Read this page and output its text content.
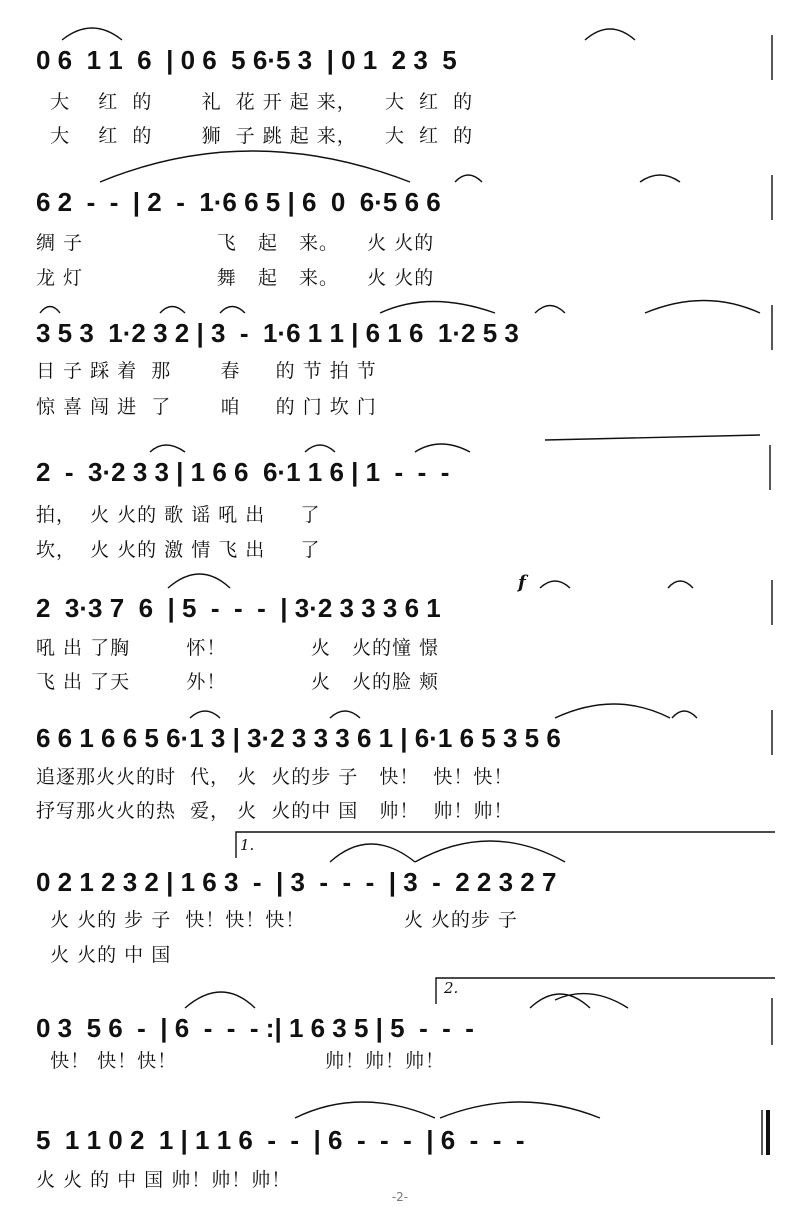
0 6  1 1  6  | 0 6  5 6·5 3  | 0 1  2 3  5
大    红  的       礼  花 开 起 来，    大  红  的
大    红  的       狮  子 跳 起 来，    大  红  的
6 2  -  -  | 2  -  1·6 6 5 | 6  0  6·5 6 6
绸 子                   飞   起   来。    火 火的
龙 灯                   舞   起   来。    火 火的
3 5 3  1·2 3 2 | 3  -  1·6 1 1 | 6 1 6  1·2 5 3
日 子 踩 着  那       春     的 节 拍 节
惊 喜 闯 进  了       咱     的 门 坎 门
2  -  3·2 3 3 | 1 6 6  6·1 1 6 | 1  -  -  -
拍，  火 火的 歌 谣 吼 出     了
坎，  火 火的 激 情 飞 出     了
f
2  3·3 7  6  | 5  -  -  -  | 3·2 3 3 3 6 1
吼 出 了胸        怀！            火   火的憧 憬
飞 出 了天        外！            火   火的脸 颊
6 6 1 6 6 5 6·1 3 | 3·2 3 3 3 6 1 | 6·1 6 5 3 5 6
追逐那火火的时  代， 火  火的步 子   快！  快！快！
抒写那火火的热  爱， 火  火的中 国   帅！  帅！帅！
1.
0 2 1 2 3 2 | 1 6 3  -  | 3  -  -  -  | 3  -  2 2 3 2 7
火 火的 步 子  快！快！快！              火 火的步 子
火 火的 中 国
2.
0 3  5 6  -  | 6  -  -  - :| 1 6 3 5 | 5  -  -  -
快！ 快！快！                     帅！帅！帅！
5  1 1 0 2  1 | 1 1 6  -  -  | 6  -  -  -  | 6  -  -  -
火 火 的 中 国 帅！帅！帅！
-2-
